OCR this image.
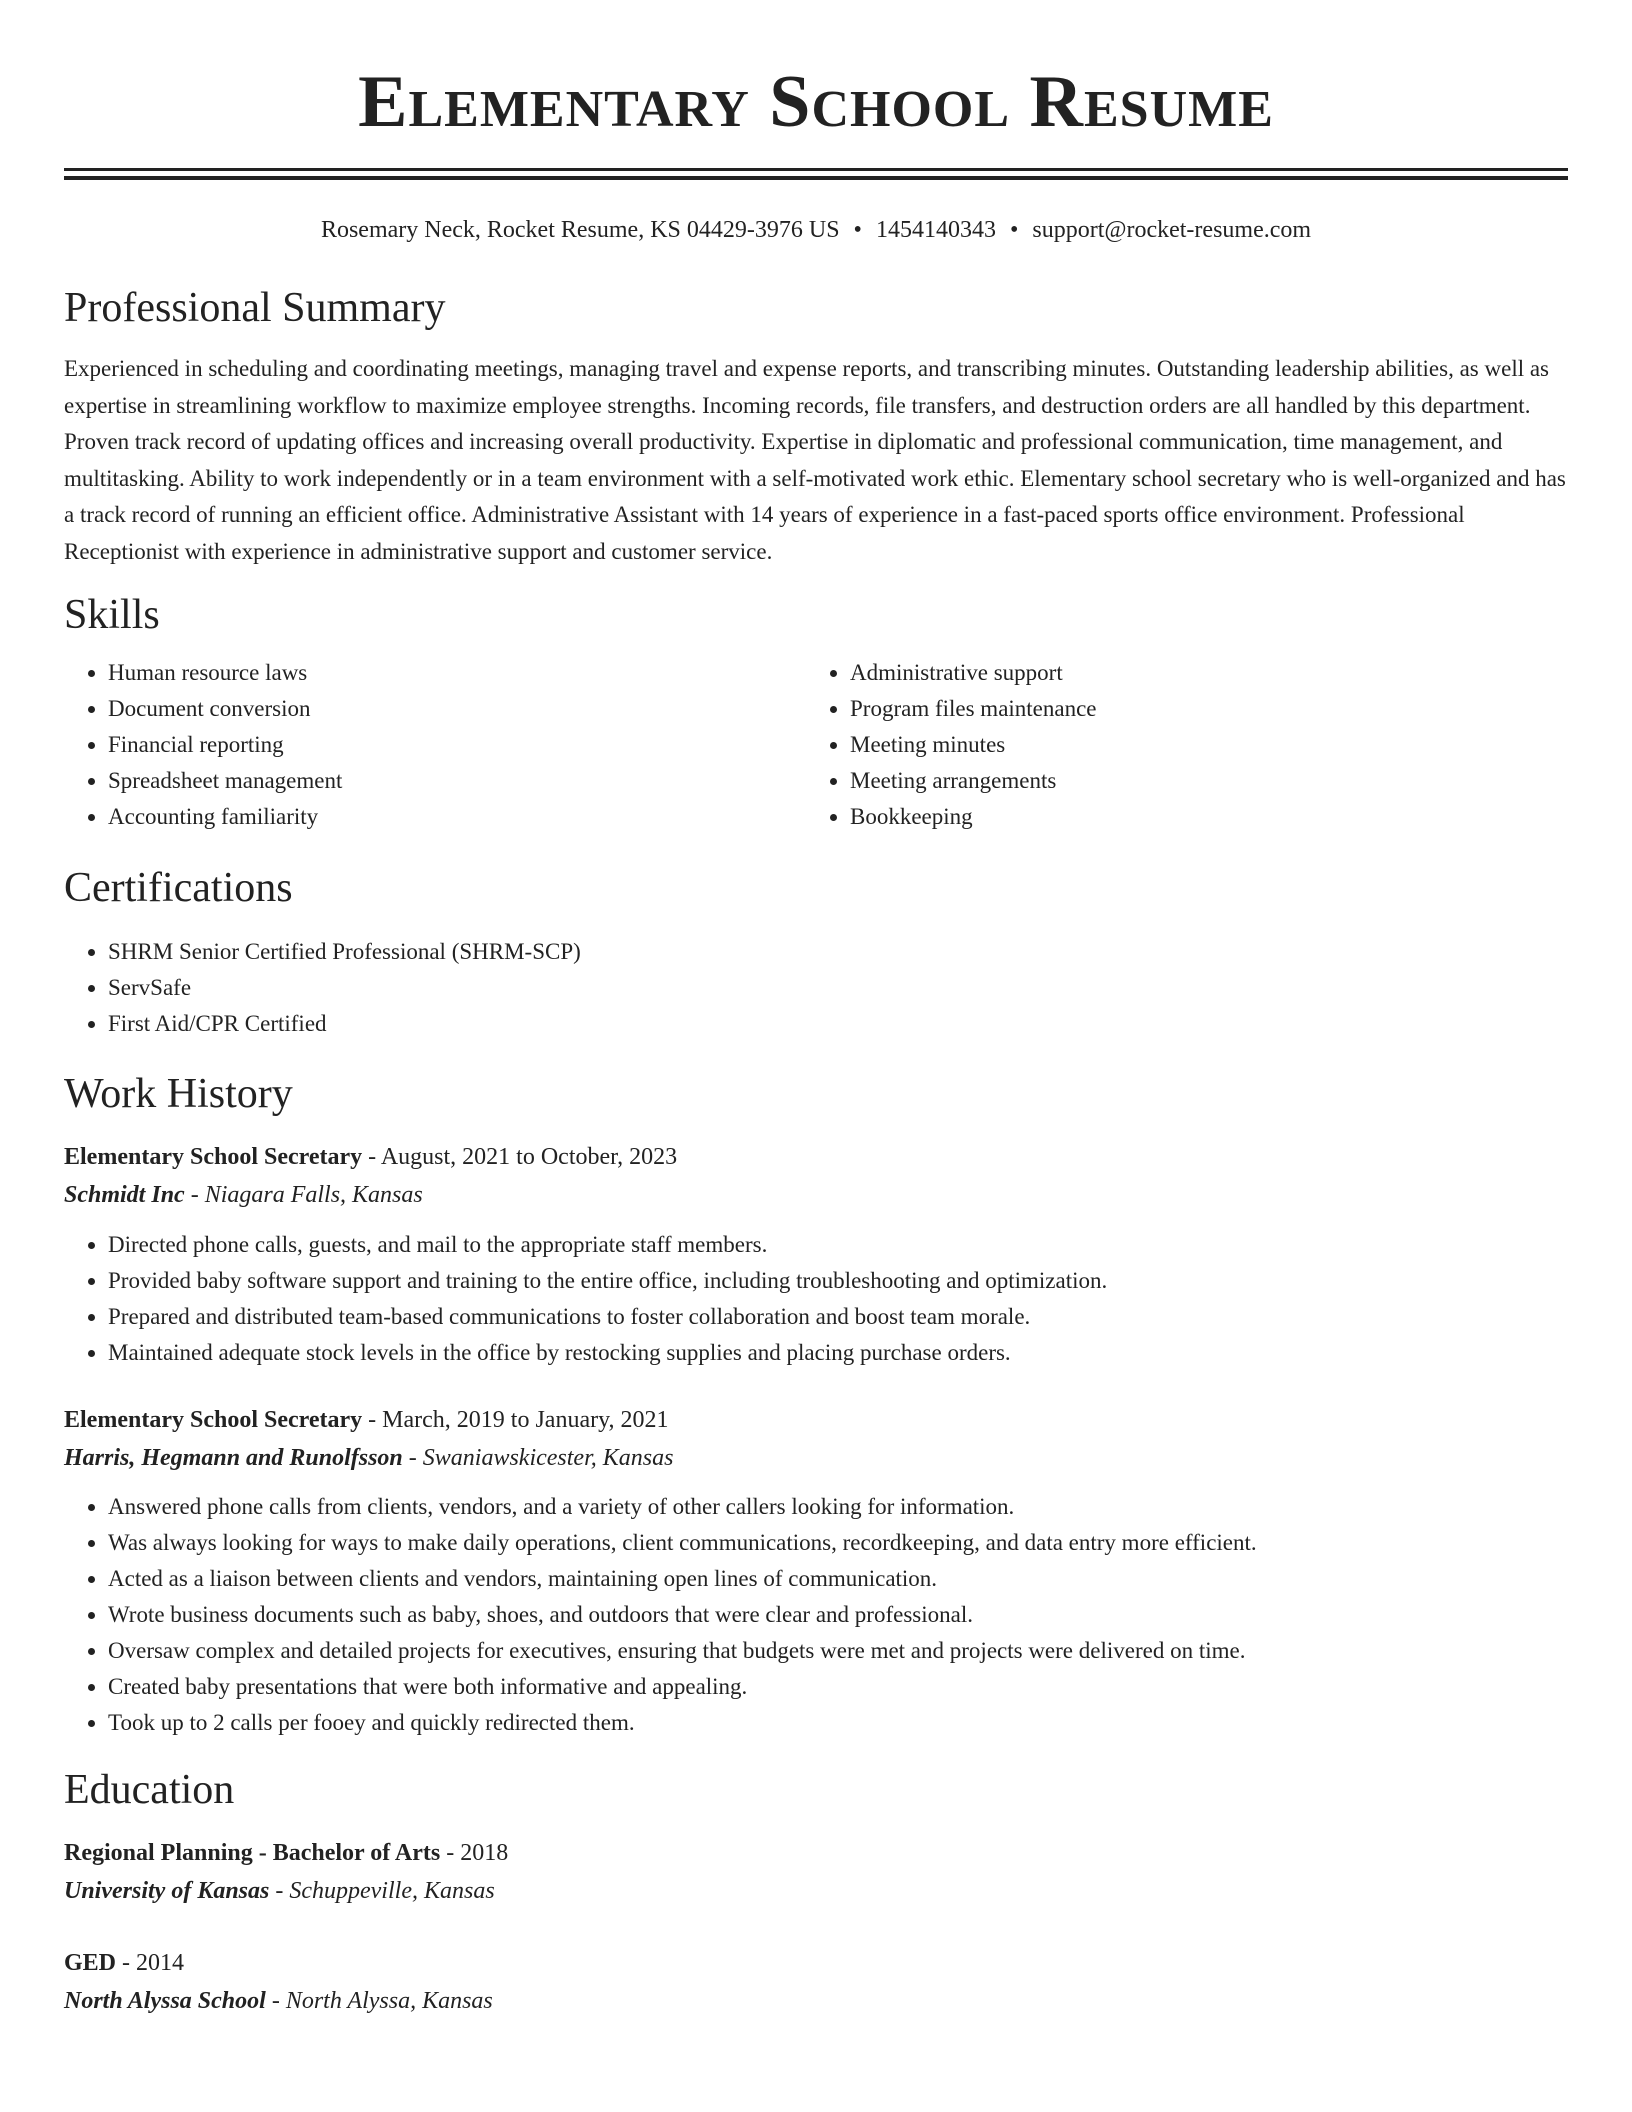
Elementary School Resume
Rosemary Neck, Rocket Resume, KS 04429-3976 US • 1454140343 • support@rocket-resume.com
Professional Summary
Experienced in scheduling and coordinating meetings, managing travel and expense reports, and transcribing minutes. Outstanding leadership abilities, as well as expertise in streamlining workflow to maximize employee strengths. Incoming records, file transfers, and destruction orders are all handled by this department. Proven track record of updating offices and increasing overall productivity. Expertise in diplomatic and professional communication, time management, and multitasking. Ability to work independently or in a team environment with a self-motivated work ethic. Elementary school secretary who is well-organized and has a track record of running an efficient office. Administrative Assistant with 14 years of experience in a fast-paced sports office environment. Professional Receptionist with experience in administrative support and customer service.
Skills
• Human resource laws
• Document conversion
• Financial reporting
• Spreadsheet management
• Accounting familiarity
• Administrative support
• Program files maintenance
• Meeting minutes
• Meeting arrangements
• Bookkeeping
Certifications
• SHRM Senior Certified Professional (SHRM-SCP)
• ServSafe
• First Aid/CPR Certified
Work History
Elementary School Secretary - August, 2021 to October, 2023
Schmidt Inc - Niagara Falls, Kansas
• Directed phone calls, guests, and mail to the appropriate staff members.
• Provided baby software support and training to the entire office, including troubleshooting and optimization.
• Prepared and distributed team-based communications to foster collaboration and boost team morale.
• Maintained adequate stock levels in the office by restocking supplies and placing purchase orders.
Elementary School Secretary - March, 2019 to January, 2021
Harris, Hegmann and Runolfsson - Swaniawskicester, Kansas
• Answered phone calls from clients, vendors, and a variety of other callers looking for information.
• Was always looking for ways to make daily operations, client communications, recordkeeping, and data entry more efficient.
• Acted as a liaison between clients and vendors, maintaining open lines of communication.
• Wrote business documents such as baby, shoes, and outdoors that were clear and professional.
• Oversaw complex and detailed projects for executives, ensuring that budgets were met and projects were delivered on time.
• Created baby presentations that were both informative and appealing.
• Took up to 2 calls per fooey and quickly redirected them.
Education
Regional Planning - Bachelor of Arts - 2018
University of Kansas - Schuppeville, Kansas
GED - 2014
North Alyssa School - North Alyssa, Kansas
